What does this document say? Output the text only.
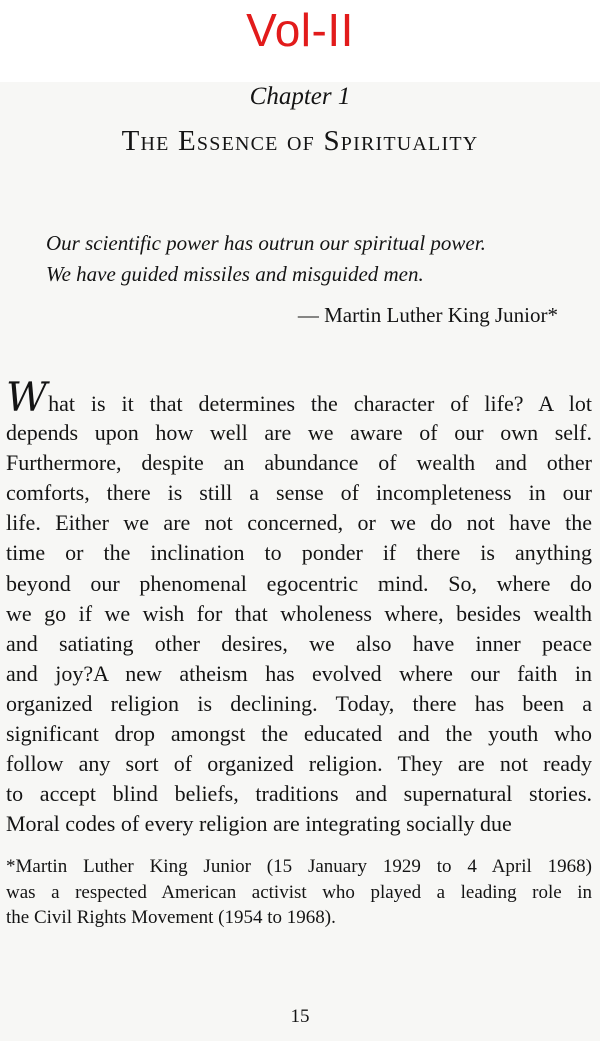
Vol-II
Chapter 1
The Essence of Spirituality
Our scientific power has outrun our spiritual power.
We have guided missiles and misguided men.
— Martin Luther King Junior*
What is it that determines the character of life? A lot
depends upon how well are we aware of our own self.
Furthermore, despite an abundance of wealth and other
comforts, there is still a sense of incompleteness in our
life. Either we are not concerned, or we do not have the
time or the inclination to ponder if there is anything
beyond our phenomenal egocentric mind. So, where do
we go if we wish for that wholeness where, besides wealth
and satiating other desires, we also have inner peace
and joy?A new atheism has evolved where our faith in
organized religion is declining. Today, there has been a
significant drop amongst the educated and the youth who
follow any sort of organized religion. They are not ready
to accept blind beliefs, traditions and supernatural stories.
Moral codes of every religion are integrating socially due
*Martin Luther King Junior (15 January 1929 to 4 April 1968)
was a respected American activist who played a leading role in
the Civil Rights Movement (1954 to 1968).
15
